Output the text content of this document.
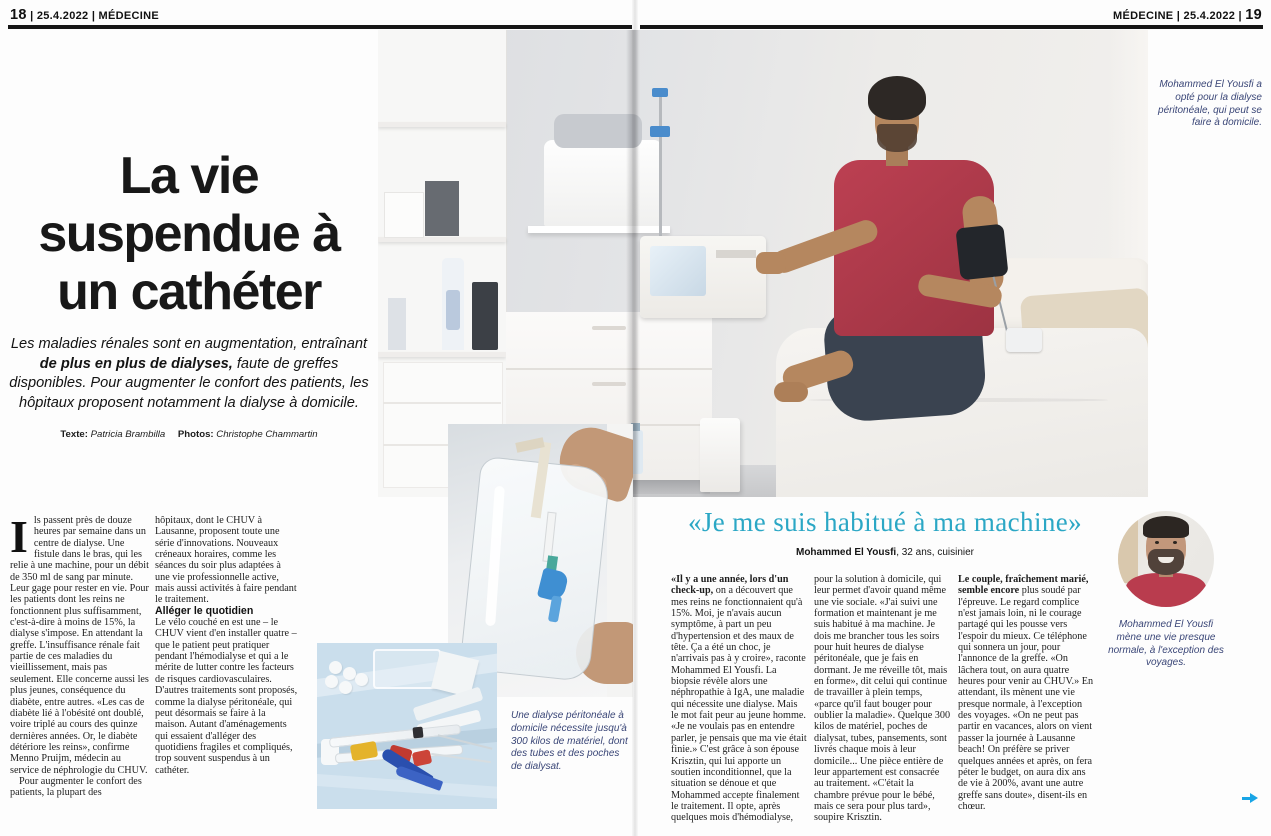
18 | 25.4.2022 | MÉDECINE	MÉDECINE | 25.4.2022 | 19
La vie
suspendue à
un cathéter
Les maladies rénales sont en augmentation, entraînant de plus en plus de dialyses, faute de greffes disponibles. Pour augmenter le confort des patients, les hôpitaux proposent notamment la dialyse à domicile.
Texte: Patricia Brambilla Photos: Christophe Chammartin

Ils passent près de douze heures par semaine dans un centre de dialyse. Une fistule dans le bras, qui les relie à une machine, pour un débit de 350 ml de sang par minute. Leur gage pour rester en vie. Pour les patients dont les reins ne fonctionnent plus suffisamment, c'est-à-dire à moins de 15%, la dialyse s'impose. En attendant la greffe. L'insuffisance rénale fait partie de ces maladies du vieillissement, mais pas seulement. Elle concerne aussi les plus jeunes, conséquence du diabète, entre autres. «Les cas de diabète lié à l'obésité ont doublé, voire triplé au cours des quinze dernières années. Or, le diabète détériore les reins», confirme Menno Pruijm, médecin au service de néphrologie du CHUV.

Pour augmenter le confort des patients, la plupart des

hôpitaux, dont le CHUV à Lausanne, proposent toute une série d'innovations. Nouveaux créneaux horaires, comme les séances du soir plus adaptées à une vie professionnelle active, mais aussi activités à faire pendant le traitement.

Alléger le quotidien

Le vélo couché en est une – le CHUV vient d'en installer quatre – que le patient peut pratiquer pendant l'hémodialyse et qui a le mérite de lutter contre les facteurs de risques cardiovasculaires. D'autres traitements sont proposés, comme la dialyse péritonéale, qui peut désormais se faire à la maison. Autant d'aménagements qui essaient d'alléger des quotidiens fragiles et compliqués, trop souvent suspendus à un cathéter.

Une dialyse péritonéale à domicile nécessite jusqu'à 300 kilos de matériel, dont des tubes et des poches de dialysat.
Mohammed El Yousfi a opté pour la dialyse péritonéale, qui peut se faire à domicile.
«Je me suis habitué à ma machine»
Mohammed El Yousfi, 32 ans, cuisinier

«Il y a une année, lors d'un check-up, on a découvert que mes reins ne fonctionnaient qu'à 15%. Moi, je n'avais aucun symptôme, à part un peu d'hypertension et des maux de tête. Ça a été un choc, je n'arrivais pas à y croire», raconte Mohammed El Yousfi. La biopsie révèle alors une néphropathie à IgA, une maladie qui nécessite une dialyse. Mais le mot fait peur au jeune homme. «Je ne voulais pas en entendre parler, je pensais que ma vie était finie.» C'est grâce à son épouse Krisztin, qui lui apporte un soutien inconditionnel, que la situation se dénoue et que Mohammed accepte finalement le traitement. Il opte, après quelques mois d'hémodialyse,

pour la solution à domicile, qui leur permet d'avoir quand même une vie sociale. «J'ai suivi une formation et maintenant je me suis habitué à ma machine. Je dois me brancher tous les soirs pour huit heures de dialyse péritonéale, que je fais en dormant. Je me réveille tôt, mais en forme», dit celui qui continue de travailler à plein temps, «parce qu'il faut bouger pour oublier la maladie». Quelque 300 kilos de matériel, poches de dialysat, tubes, pansements, sont livrés chaque mois à leur domicile... Une pièce entière de leur appartement est consacrée au traitement. «C'était la chambre prévue pour le bébé, mais ce sera pour plus tard», soupire Krisztin.

Le couple, fraîchement marié, semble encore plus soudé par l'épreuve. Le regard complice n'est jamais loin, ni le courage partagé qui les pousse vers l'espoir du mieux. Ce téléphone qui sonnera un jour, pour l'annonce de la greffe. «On lâchera tout, on aura quatre heures pour venir au CHUV.» En attendant, ils mènent une vie presque normale, à l'exception des voyages. «On ne peut pas partir en vacances, alors on vient passer la journée à Lausanne beach! On préfère se priver quelques années et après, on fera péter le budget, on aura dix ans de vie à 200%, avant une autre greffe sans doute», disent-ils en chœur.

Mohammed El Yousfi mène une vie presque normale, à l'exception des voyages.
